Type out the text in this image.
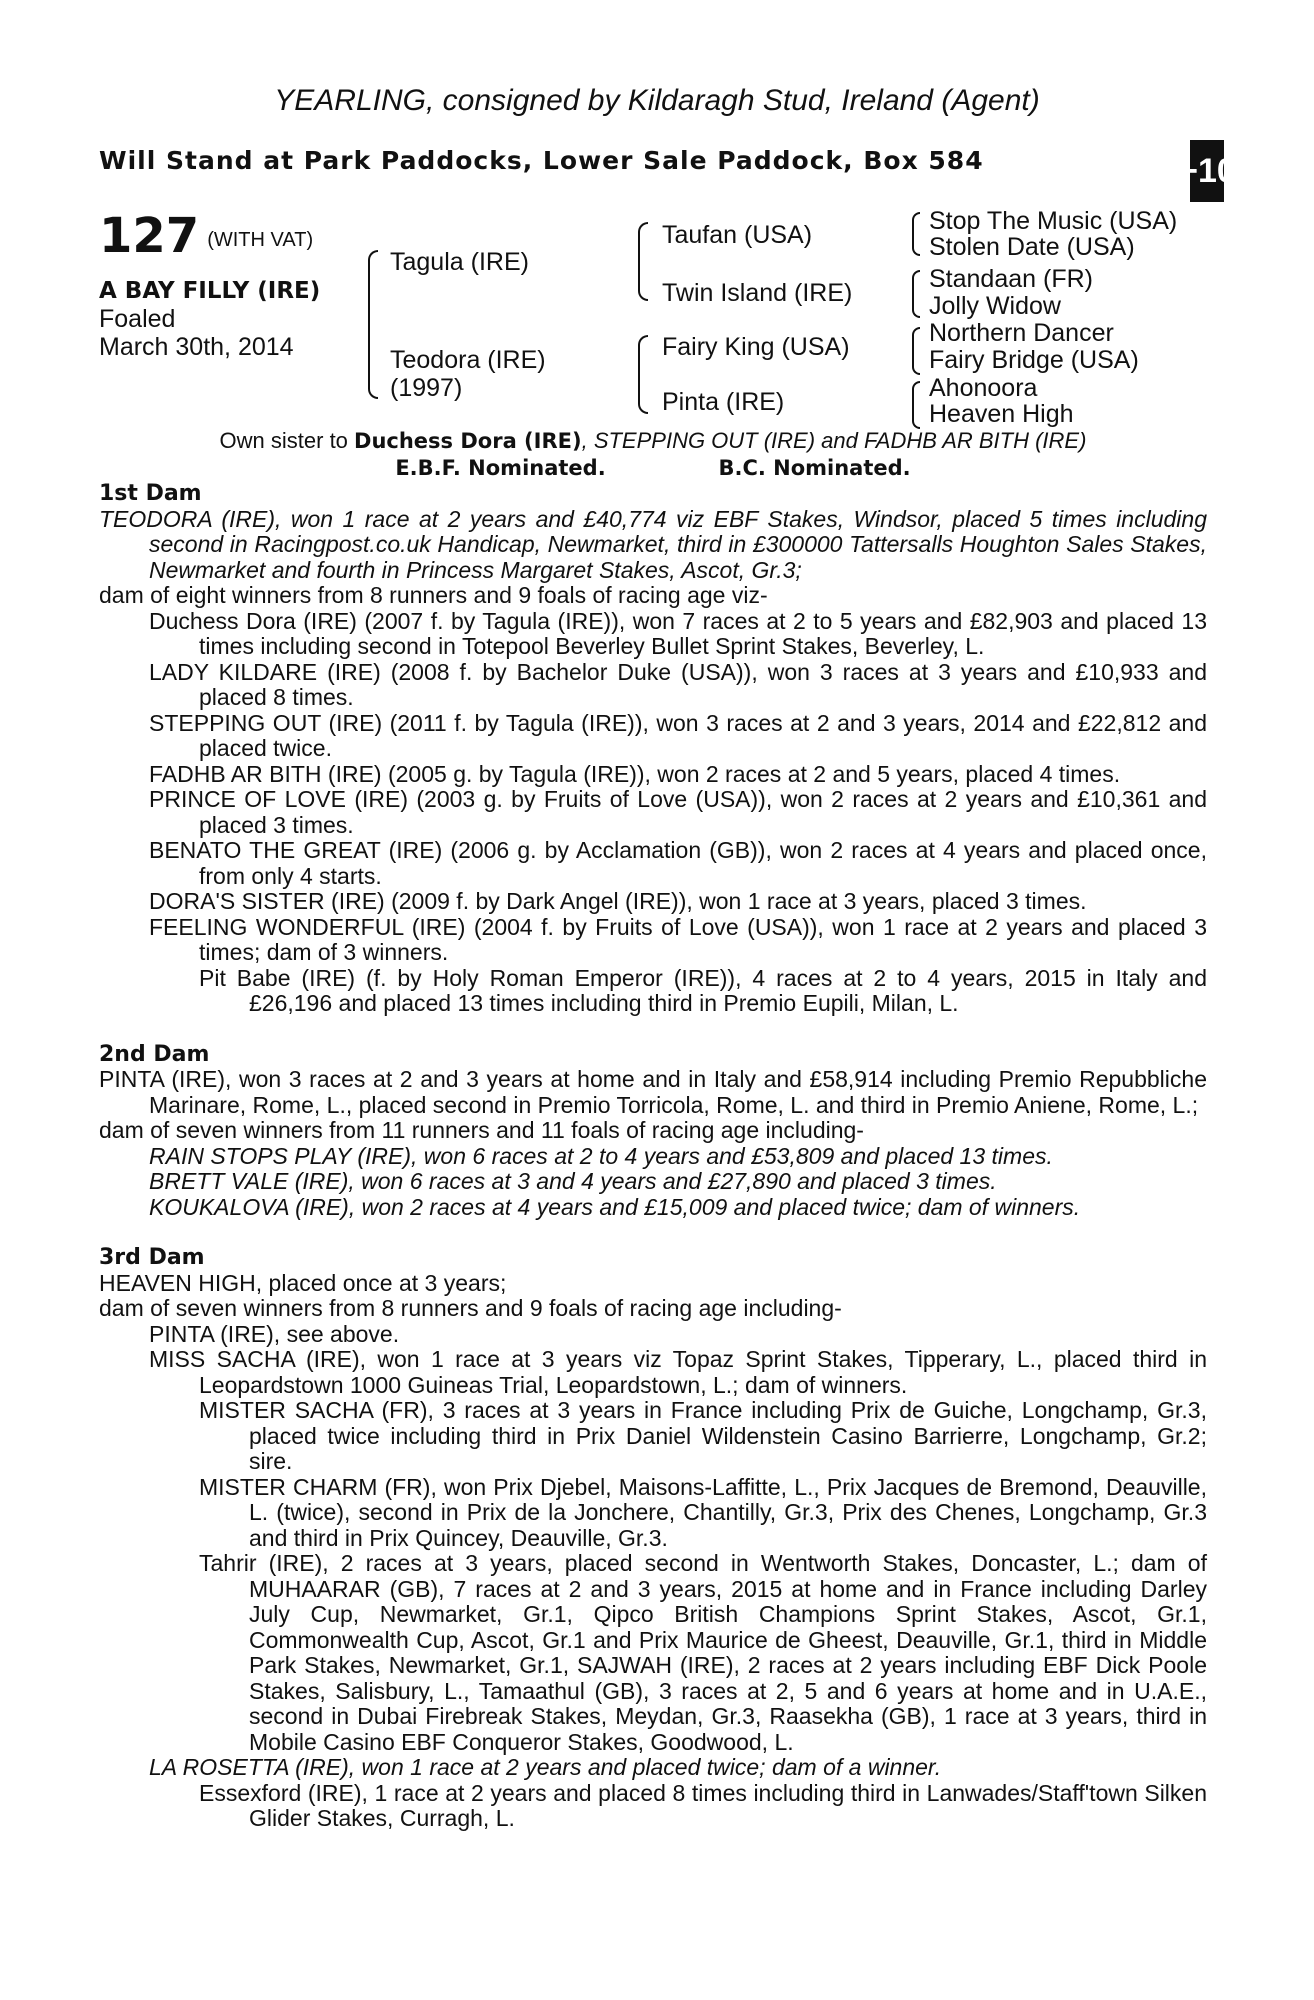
YEARLING, consigned by Kildaragh Stud, Ireland (Agent)
Will Stand at Park Paddocks, Lower Sale Paddock, Box 584	+10
127 (WITH VAT)
A BAY FILLY (IRE)
Foaled
March 30th, 2014
Tagula (IRE)
Teodora (IRE)
(1997)
Taufan (USA)
Twin Island (IRE)
Fairy King (USA)
Pinta (IRE)
Stop The Music (USA)
Stolen Date (USA)
Standaan (FR)
Jolly Widow
Northern Dancer
Fairy Bridge (USA)
Ahonoora
Heaven High

Own sister to Duchess Dora (IRE), STEPPING OUT (IRE) and FADHB AR BITH (IRE)

E.B.F. Nominated.	B.C. Nominated.

1st Dam

TEODORA (IRE), won 1 race at 2 years and £40,774 viz EBF Stakes, Windsor, placed 5 times including second in Racingpost.co.uk Handicap, Newmarket, third in £300000 Tattersalls Houghton Sales Stakes, Newmarket and fourth in Princess Margaret Stakes, Ascot, Gr.3;

dam of eight winners from 8 runners and 9 foals of racing age viz-

Duchess Dora (IRE) (2007 f. by Tagula (IRE)), won 7 races at 2 to 5 years and £82,903 and placed 13 times including second in Totepool Beverley Bullet Sprint Stakes, Beverley, L.

LADY KILDARE (IRE) (2008 f. by Bachelor Duke (USA)), won 3 races at 3 years and £10,933 and placed 8 times.

STEPPING OUT (IRE) (2011 f. by Tagula (IRE)), won 3 races at 2 and 3 years, 2014 and £22,812 and placed twice.

FADHB AR BITH (IRE) (2005 g. by Tagula (IRE)), won 2 races at 2 and 5 years, placed 4 times.

PRINCE OF LOVE (IRE) (2003 g. by Fruits of Love (USA)), won 2 races at 2 years and £10,361 and placed 3 times.

BENATO THE GREAT (IRE) (2006 g. by Acclamation (GB)), won 2 races at 4 years and placed once, from only 4 starts.

DORA'S SISTER (IRE) (2009 f. by Dark Angel (IRE)), won 1 race at 3 years, placed 3 times.

FEELING WONDERFUL (IRE) (2004 f. by Fruits of Love (USA)), won 1 race at 2 years and placed 3 times; dam of 3 winners.

Pit Babe (IRE) (f. by Holy Roman Emperor (IRE)), 4 races at 2 to 4 years, 2015 in Italy and £26,196 and placed 13 times including third in Premio Eupili, Milan, L.

2nd Dam

PINTA (IRE), won 3 races at 2 and 3 years at home and in Italy and £58,914 including Premio Repubbliche Marinare, Rome, L., placed second in Premio Torricola, Rome, L. and third in Premio Aniene, Rome, L.;

dam of seven winners from 11 runners and 11 foals of racing age including-

RAIN STOPS PLAY (IRE), won 6 races at 2 to 4 years and £53,809 and placed 13 times.

BRETT VALE (IRE), won 6 races at 3 and 4 years and £27,890 and placed 3 times.

KOUKALOVA (IRE), won 2 races at 4 years and £15,009 and placed twice; dam of winners.

3rd Dam

HEAVEN HIGH, placed once at 3 years;

dam of seven winners from 8 runners and 9 foals of racing age including-

PINTA (IRE), see above.

MISS SACHA (IRE), won 1 race at 3 years viz Topaz Sprint Stakes, Tipperary, L., placed third in Leopardstown 1000 Guineas Trial, Leopardstown, L.; dam of winners.

MISTER SACHA (FR), 3 races at 3 years in France including Prix de Guiche, Longchamp, Gr.3, placed twice including third in Prix Daniel Wildenstein Casino Barrierre, Longchamp, Gr.2; sire.

MISTER CHARM (FR), won Prix Djebel, Maisons-Laffitte, L., Prix Jacques de Bremond, Deauville, L. (twice), second in Prix de la Jonchere, Chantilly, Gr.3, Prix des Chenes, Longchamp, Gr.3 and third in Prix Quincey, Deauville, Gr.3.

Tahrir (IRE), 2 races at 3 years, placed second in Wentworth Stakes, Doncaster, L.; dam of MUHAARAR (GB), 7 races at 2 and 3 years, 2015 at home and in France including Darley July Cup, Newmarket, Gr.1, Qipco British Champions Sprint Stakes, Ascot, Gr.1, Commonwealth Cup, Ascot, Gr.1 and Prix Maurice de Gheest, Deauville, Gr.1, third in Middle Park Stakes, Newmarket, Gr.1, SAJWAH (IRE), 2 races at 2 years including EBF Dick Poole Stakes, Salisbury, L., Tamaathul (GB), 3 races at 2, 5 and 6 years at home and in U.A.E., second in Dubai Firebreak Stakes, Meydan, Gr.3, Raasekha (GB), 1 race at 3 years, third in Mobile Casino EBF Conqueror Stakes, Goodwood, L.

LA ROSETTA (IRE), won 1 race at 2 years and placed twice; dam of a winner.

Essexford (IRE), 1 race at 2 years and placed 8 times including third in Lanwades/Staff'town Silken Glider Stakes, Curragh, L.
